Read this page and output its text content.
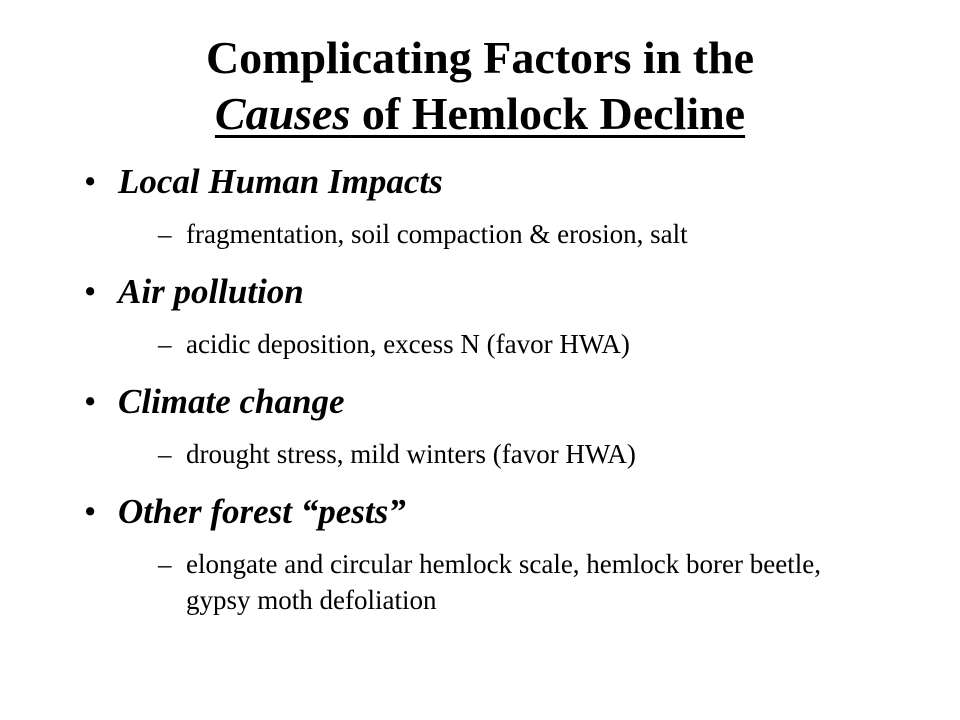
Complicating Factors in the
Causes of Hemlock Decline
• Local Human Impacts
– fragmentation, soil compaction & erosion, salt
• Air pollution
– acidic deposition, excess N (favor HWA)
• Climate change
– drought stress, mild winters (favor HWA)
• Other forest “pests”
– elongate and circular hemlock scale, hemlock borer beetle, gypsy moth defoliation
